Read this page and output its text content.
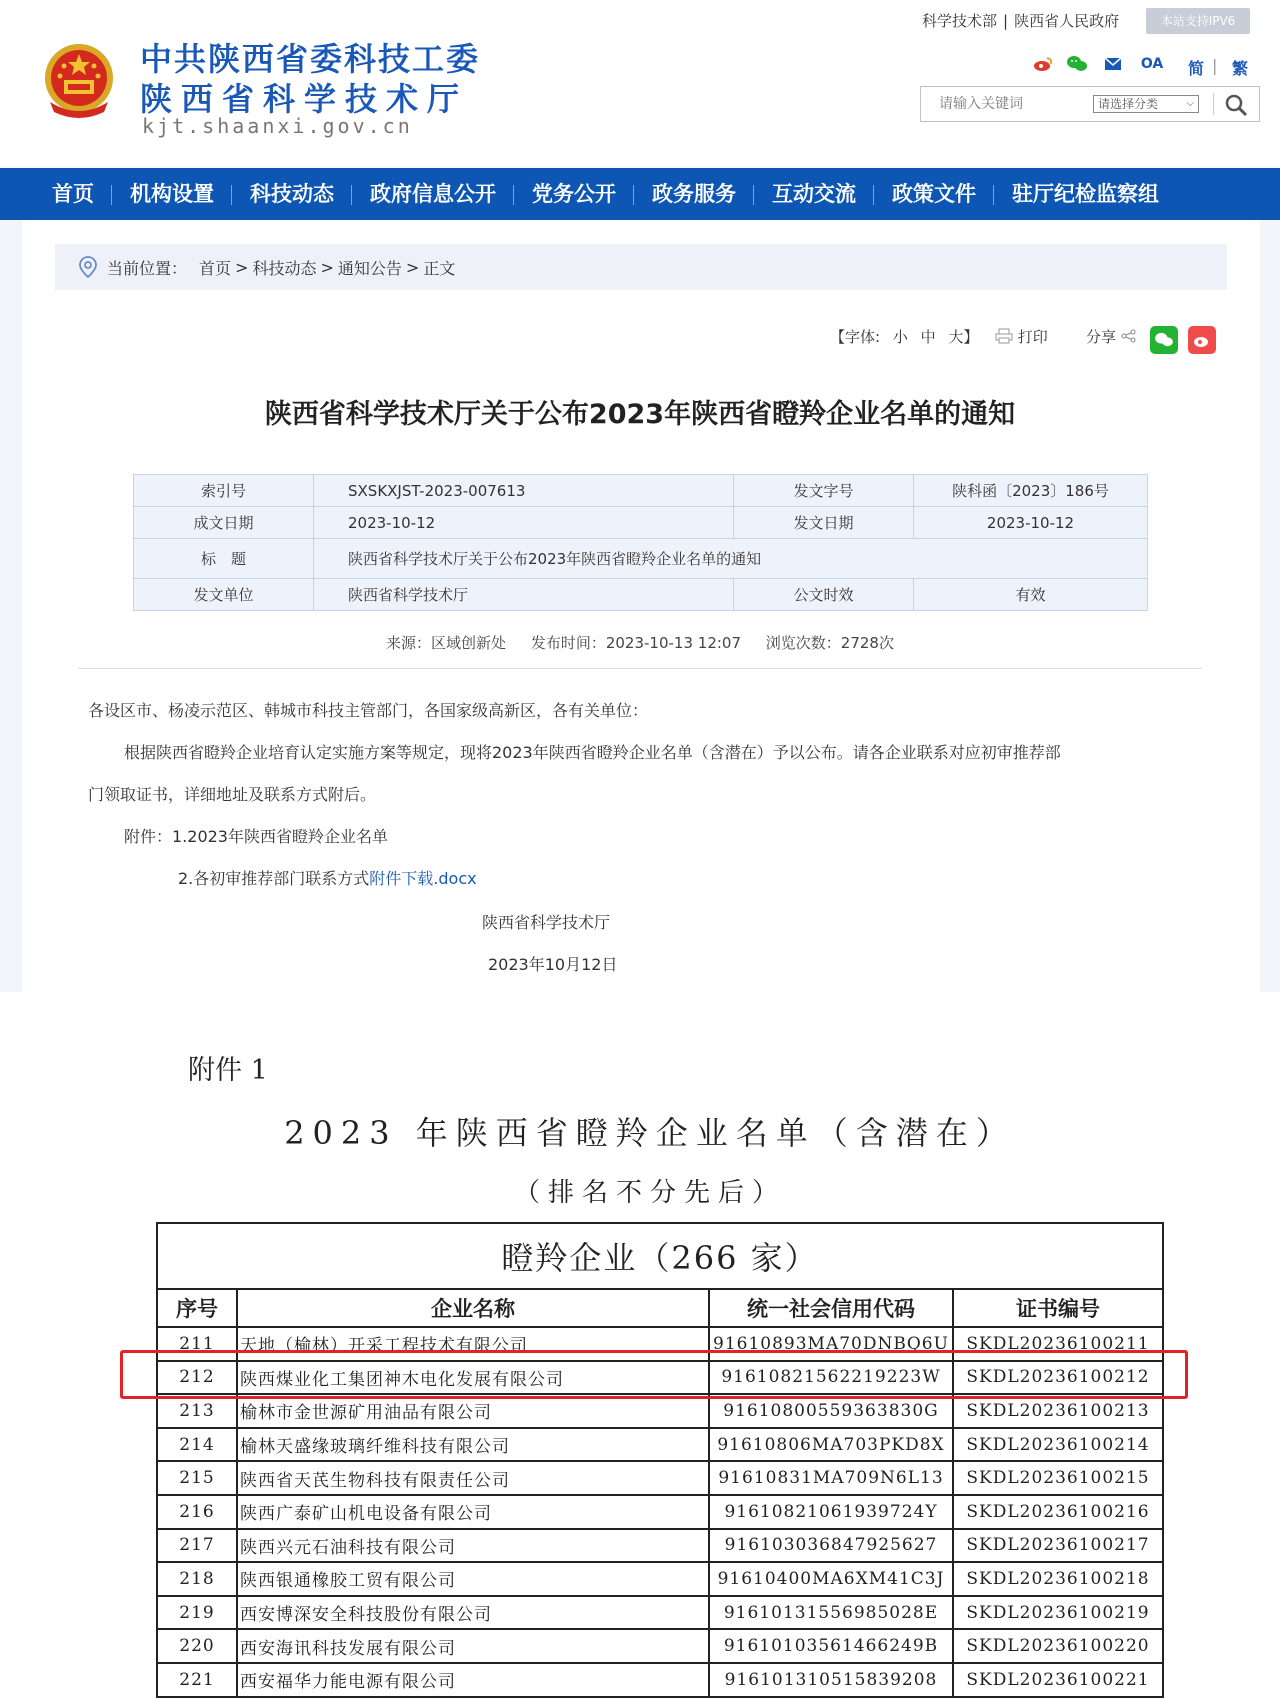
中共陕西省委科技工委
陕西省科学技术厅
kjt.shaanxi.gov.cn
科学技术部 | 陕西省人民政府	本站支持IPV6
OA 简 | 繁
请输入关键词
请选择分类	⌵
首页	机构设置	科技动态	政府信息公开	党务公开	政务服务	互动交流	政策文件	驻厅纪检监察组
当前位置： 首页 > 科技动态 > 通知公告 > 正文
【字体: 小 中 大】	打印	分享
陕西省科学技术厅关于公布2023年陕西省瞪羚企业名单的通知
索引号	SXSKXJST-2023-007613	发文字号	陕科函〔2023〕186号
成文日期	2023-10-12	发文日期	2023-10-12
标　题	陕西省科学技术厅关于公布2023年陕西省瞪羚企业名单的通知		
发文单位	陕西省科学技术厅	公文时效	有效
来源：区域创新处 发布时间：2023-10-13 12:07 浏览次数：2728次
各设区市、杨凌示范区、韩城市科技主管部门，各国家级高新区，各有关单位：
根据陕西省瞪羚企业培育认定实施方案等规定，现将2023年陕西省瞪羚企业名单（含潜在）予以公布。请各企业联系对应初审推荐部
门领取证书，详细地址及联系方式附后。
附件：1.2023年陕西省瞪羚企业名单
2.各初审推荐部门联系方式附件下载.docx
陕西省科学技术厅
2023年10月12日
附件 1
2023 年陕西省瞪羚企业名单（含潜在）
（排名不分先后）
瞪羚企业（266 家）			
序号	企业名称	统一社会信用代码	证书编号
211	天地（榆林）开采工程技术有限公司	91610893MA70DNBQ6U	SKDL20236100211
212	陕西煤业化工集团神木电化发展有限公司	91610821562219223W	SKDL20236100212
213	榆林市金世源矿用油品有限公司	91610800559363830G	SKDL20236100213
214	榆林天盛缘玻璃纤维科技有限公司	91610806MA703PKD8X	SKDL20236100214
215	陕西省天芪生物科技有限责任公司	91610831MA709N6L13	SKDL20236100215
216	陕西广泰矿山机电设备有限公司	916108210619397​24Y	SKDL20236100216
217	陕西兴元石油科技有限公司	916103036847925627	SKDL20236100217
218	陕西银通橡胶工贸有限公司	91610400MA6XM41C3J	SKDL20236100218
219	西安博深安全科技股份有限公司	91610131556985028E	SKDL20236100219
220	西安海讯科技发展有限公司	91610103561466249B	SKDL20236100220
221	西安福华力能电源有限公司	916101310515839208	SKDL20236100221
